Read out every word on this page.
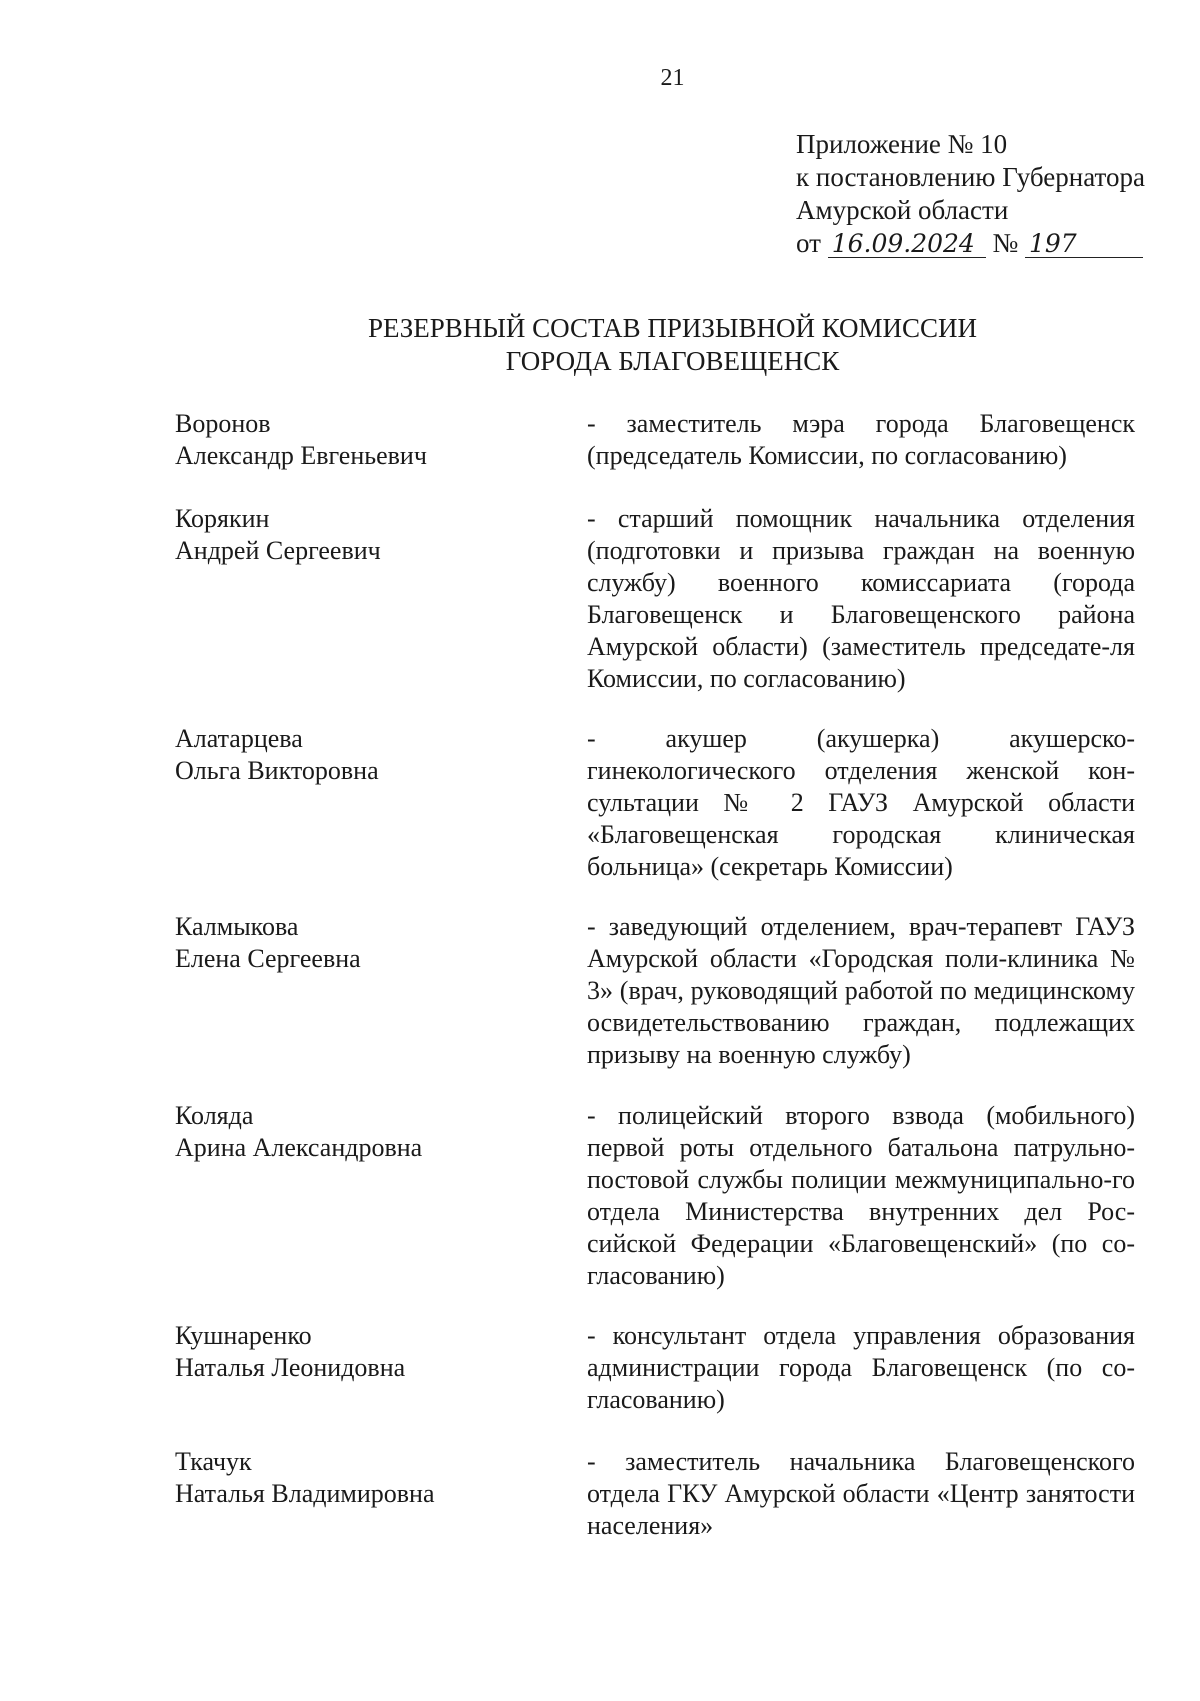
21
Приложение № 10
к постановлению Губернатора
Амурской области
от 16.09.2024 № 197
РЕЗЕРВНЫЙ СОСТАВ ПРИЗЫВНОЙ КОМИССИИ
ГОРОДА БЛАГОВЕЩЕНСК
Воронов
Александр Евгеньевич
- заместитель мэра города Благовещенск (председатель Комиссии, по согласованию)
Корякин
Андрей Сергеевич
- старший помощник начальника отделения (подготовки и призыва граждан на военную службу) военного комиссариата (города Благовещенск и Благовещенского района Амурской области) (заместитель председате-ля Комиссии, по согласованию)
Алатарцева
Ольга Викторовна
- акушер (акушерка) акушерско-гинекологического отделения женской кон-сультации № 2 ГАУЗ Амурской области «Благовещенская городская клиническая больница» (секретарь Комиссии)
Калмыкова
Елена Сергеевна
- заведующий отделением, врач-терапевт ГАУЗ Амурской области «Городская поли-клиника № 3» (врач, руководящий работой по медицинскому освидетельствованию граждан, подлежащих призыву на военную службу)
Коляда
Арина Александровна
- полицейский второго взвода (мобильного) первой роты отдельного батальона патрульно-постовой службы полиции межмуниципально-го отдела Министерства внутренних дел Рос-сийской Федерации «Благовещенский» (по со-гласованию)
Кушнаренко
Наталья Леонидовна
- консультант отдела управления образования администрации города Благовещенск (по со-гласованию)
Ткачук
Наталья Владимировна
- заместитель начальника Благовещенского отдела ГКУ Амурской области «Центр занятости населения»
